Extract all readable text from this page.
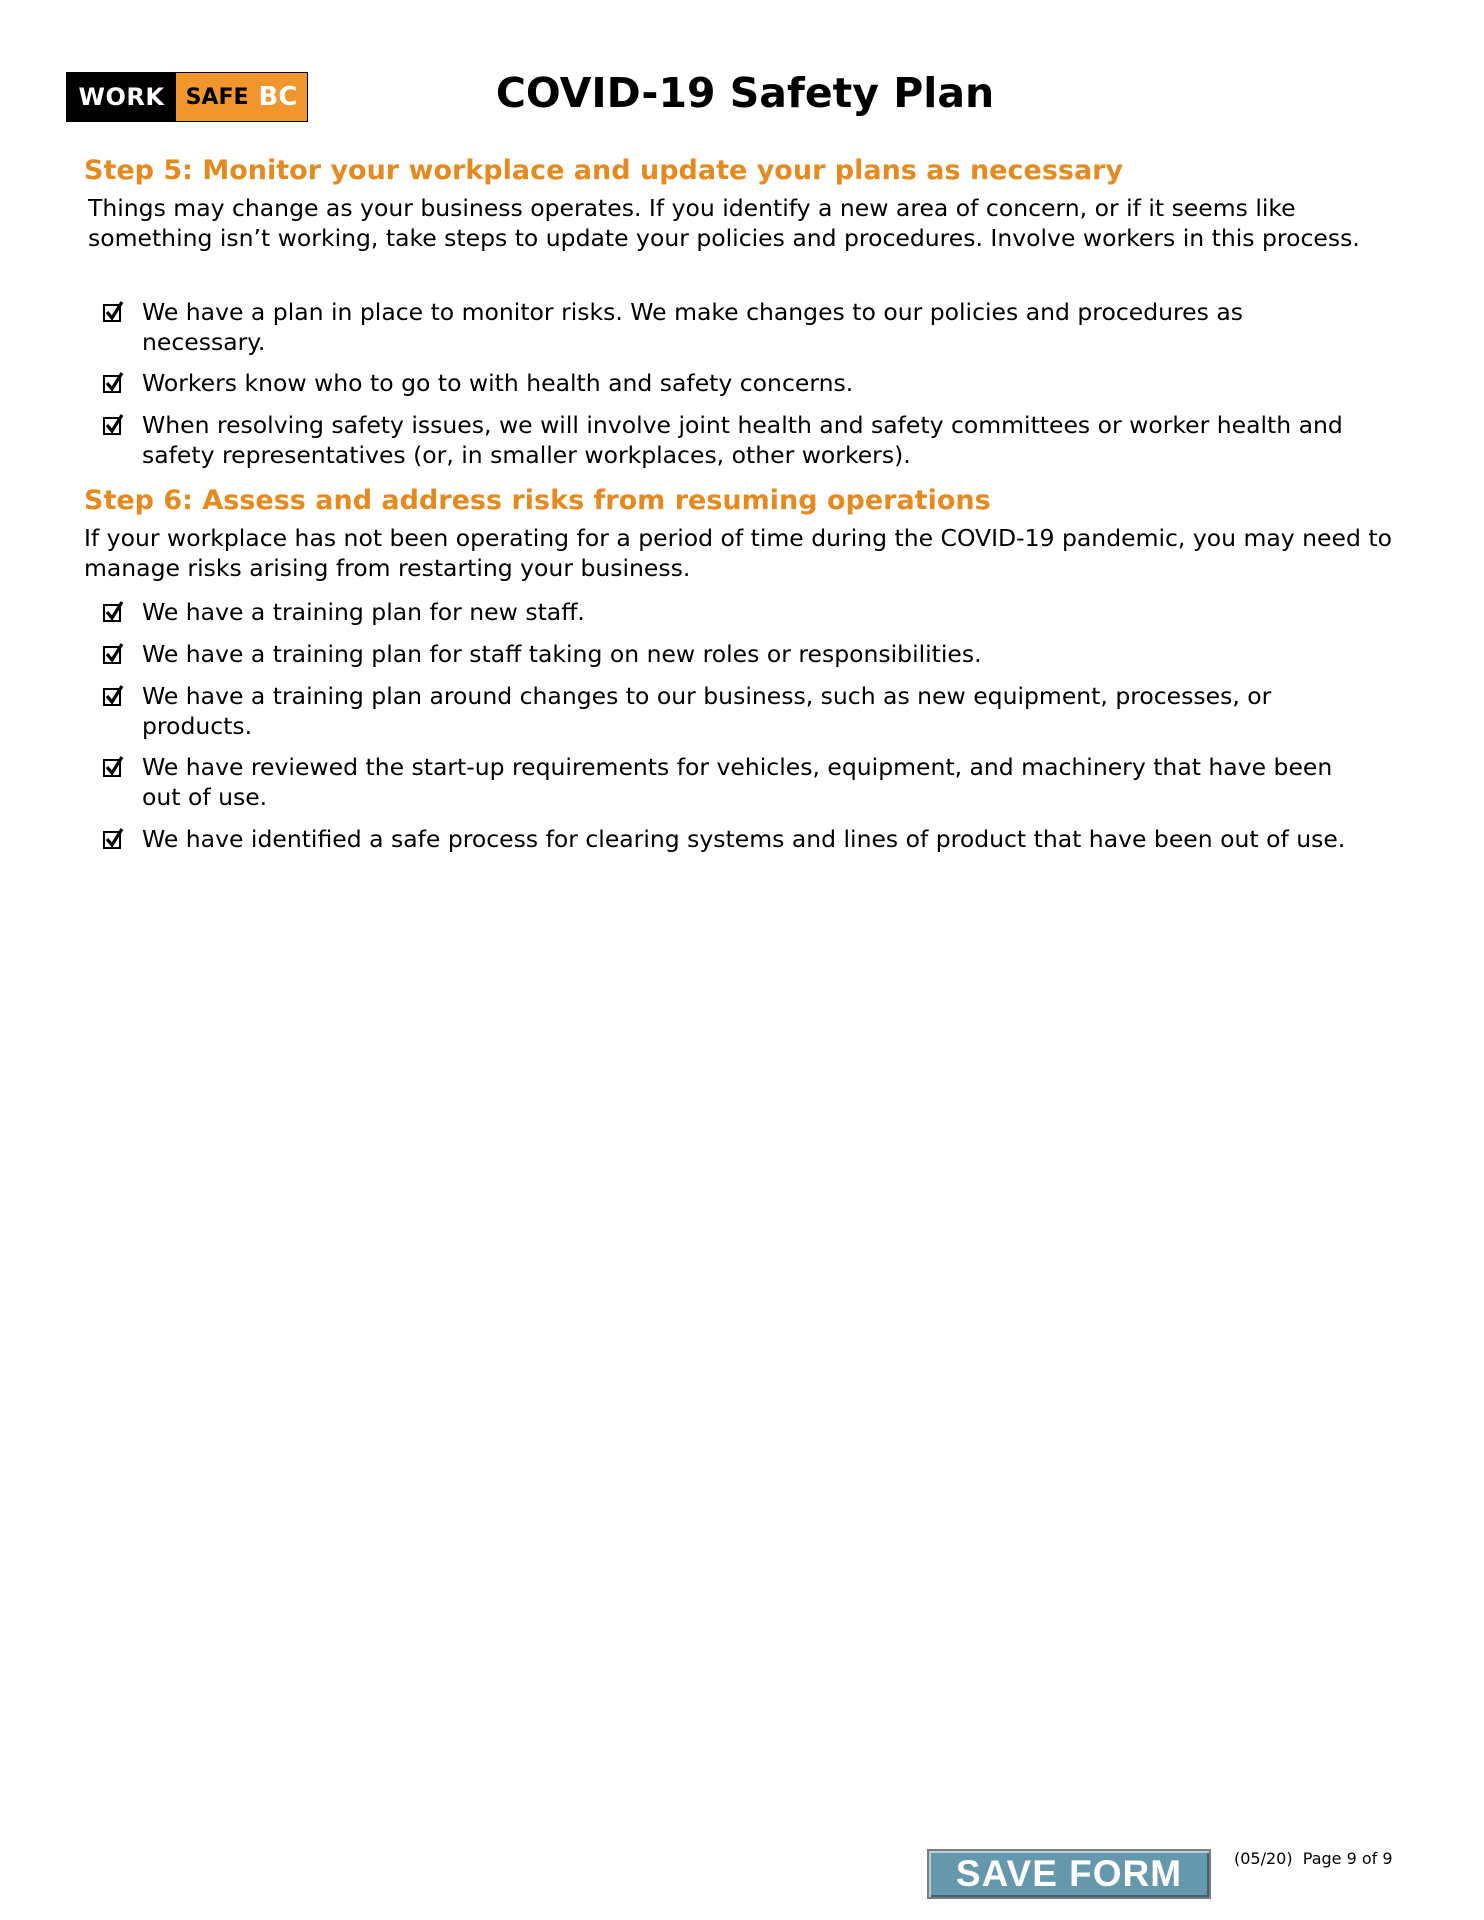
WORK SAFE BC	COVID-19 Safety Plan
Step 5: Monitor your workplace and update your plans as necessary

Things may change as your business operates. If you identify a new area of concern, or if it seems like something isn’t working, take steps to update your policies and procedures. Involve workers in this process.

We have a plan in place to monitor risks. We make changes to our policies and procedures as
necessary.
Workers know who to go to with health and safety concerns.
When resolving safety issues, we will involve joint health and safety committees or worker health and
safety representatives (or, in smaller workplaces, other workers).
Step 6: Assess and address risks from resuming operations

If your workplace has not been operating for a period of time during the COVID-19 pandemic, you may need to manage risks arising from restarting your business.

We have a training plan for new staff.
We have a training plan for staff taking on new roles or responsibilities.
We have a training plan around changes to our business, such as new equipment, processes, or
products.
We have reviewed the start-up requirements for vehicles, equipment, and machinery that have been
out of use.
We have identified a safe process for clearing systems and lines of product that have been out of use.
SAVE FORM	(05/20) Page 9 of 9
